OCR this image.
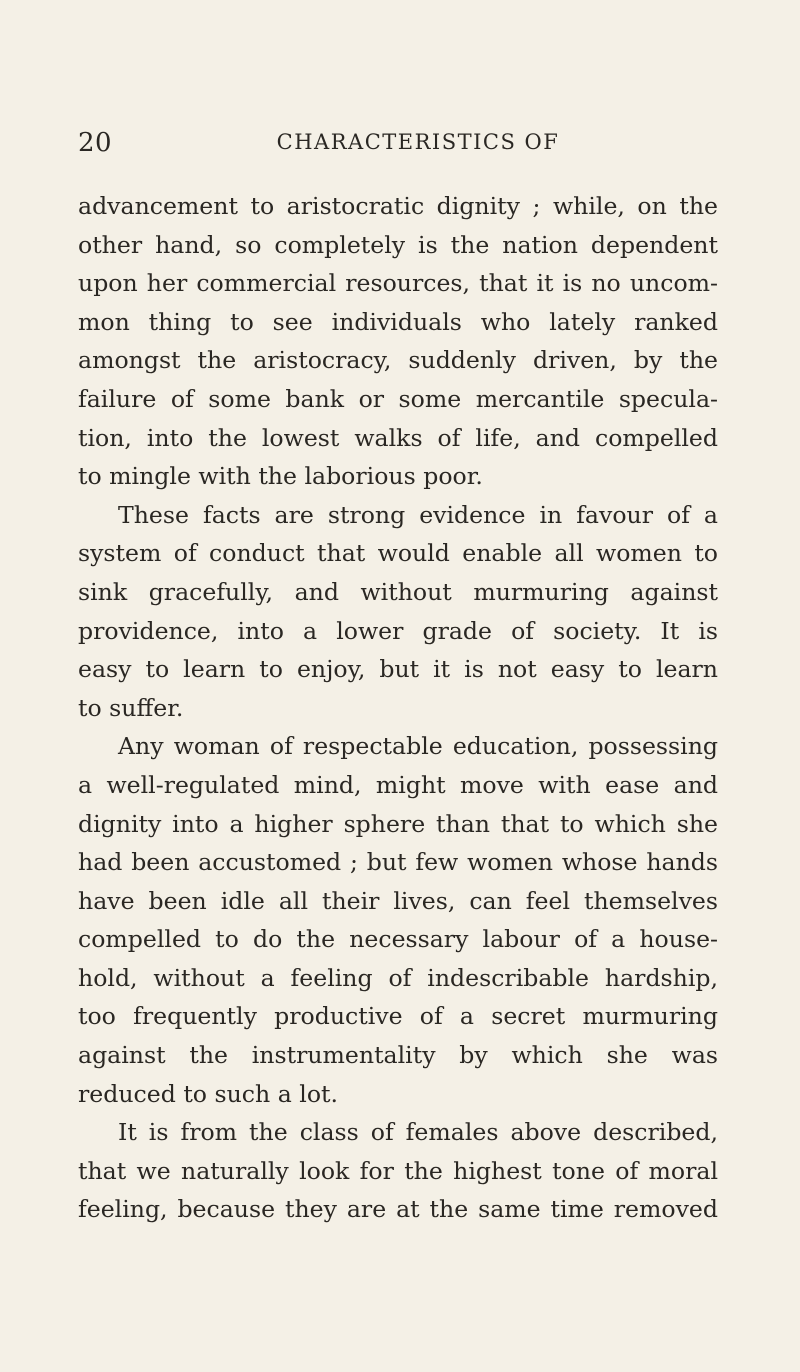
20	CHARACTERISTICS OF
advancement to aristocratic dignity ; while, on the
other hand, so completely is the nation dependent
upon her commercial resources, that it is no uncom-
mon thing to see individuals who lately ranked
amongst the aristocracy, suddenly driven, by the
failure of some bank or some mercantile specula-
tion, into the lowest walks of life, and compelled
to mingle with the laborious poor.
These facts are strong evidence in favour of a
system of conduct that would enable all women to
sink gracefully, and without murmuring against
providence, into a lower grade of society. It is
easy to learn to enjoy, but it is not easy to learn
to suffer.
Any woman of respectable education, possessing
a well-regulated mind, might move with ease and
dignity into a higher sphere than that to which she
had been accustomed ; but few women whose hands
have been idle all their lives, can feel themselves
compelled to do the necessary labour of a house-
hold, without a feeling of indescribable hardship,
too frequently productive of a secret murmuring
against the instrumentality by which she was
reduced to such a lot.
It is from the class of females above described,
that we naturally look for the highest tone of moral
feeling, because they are at the same time removed
